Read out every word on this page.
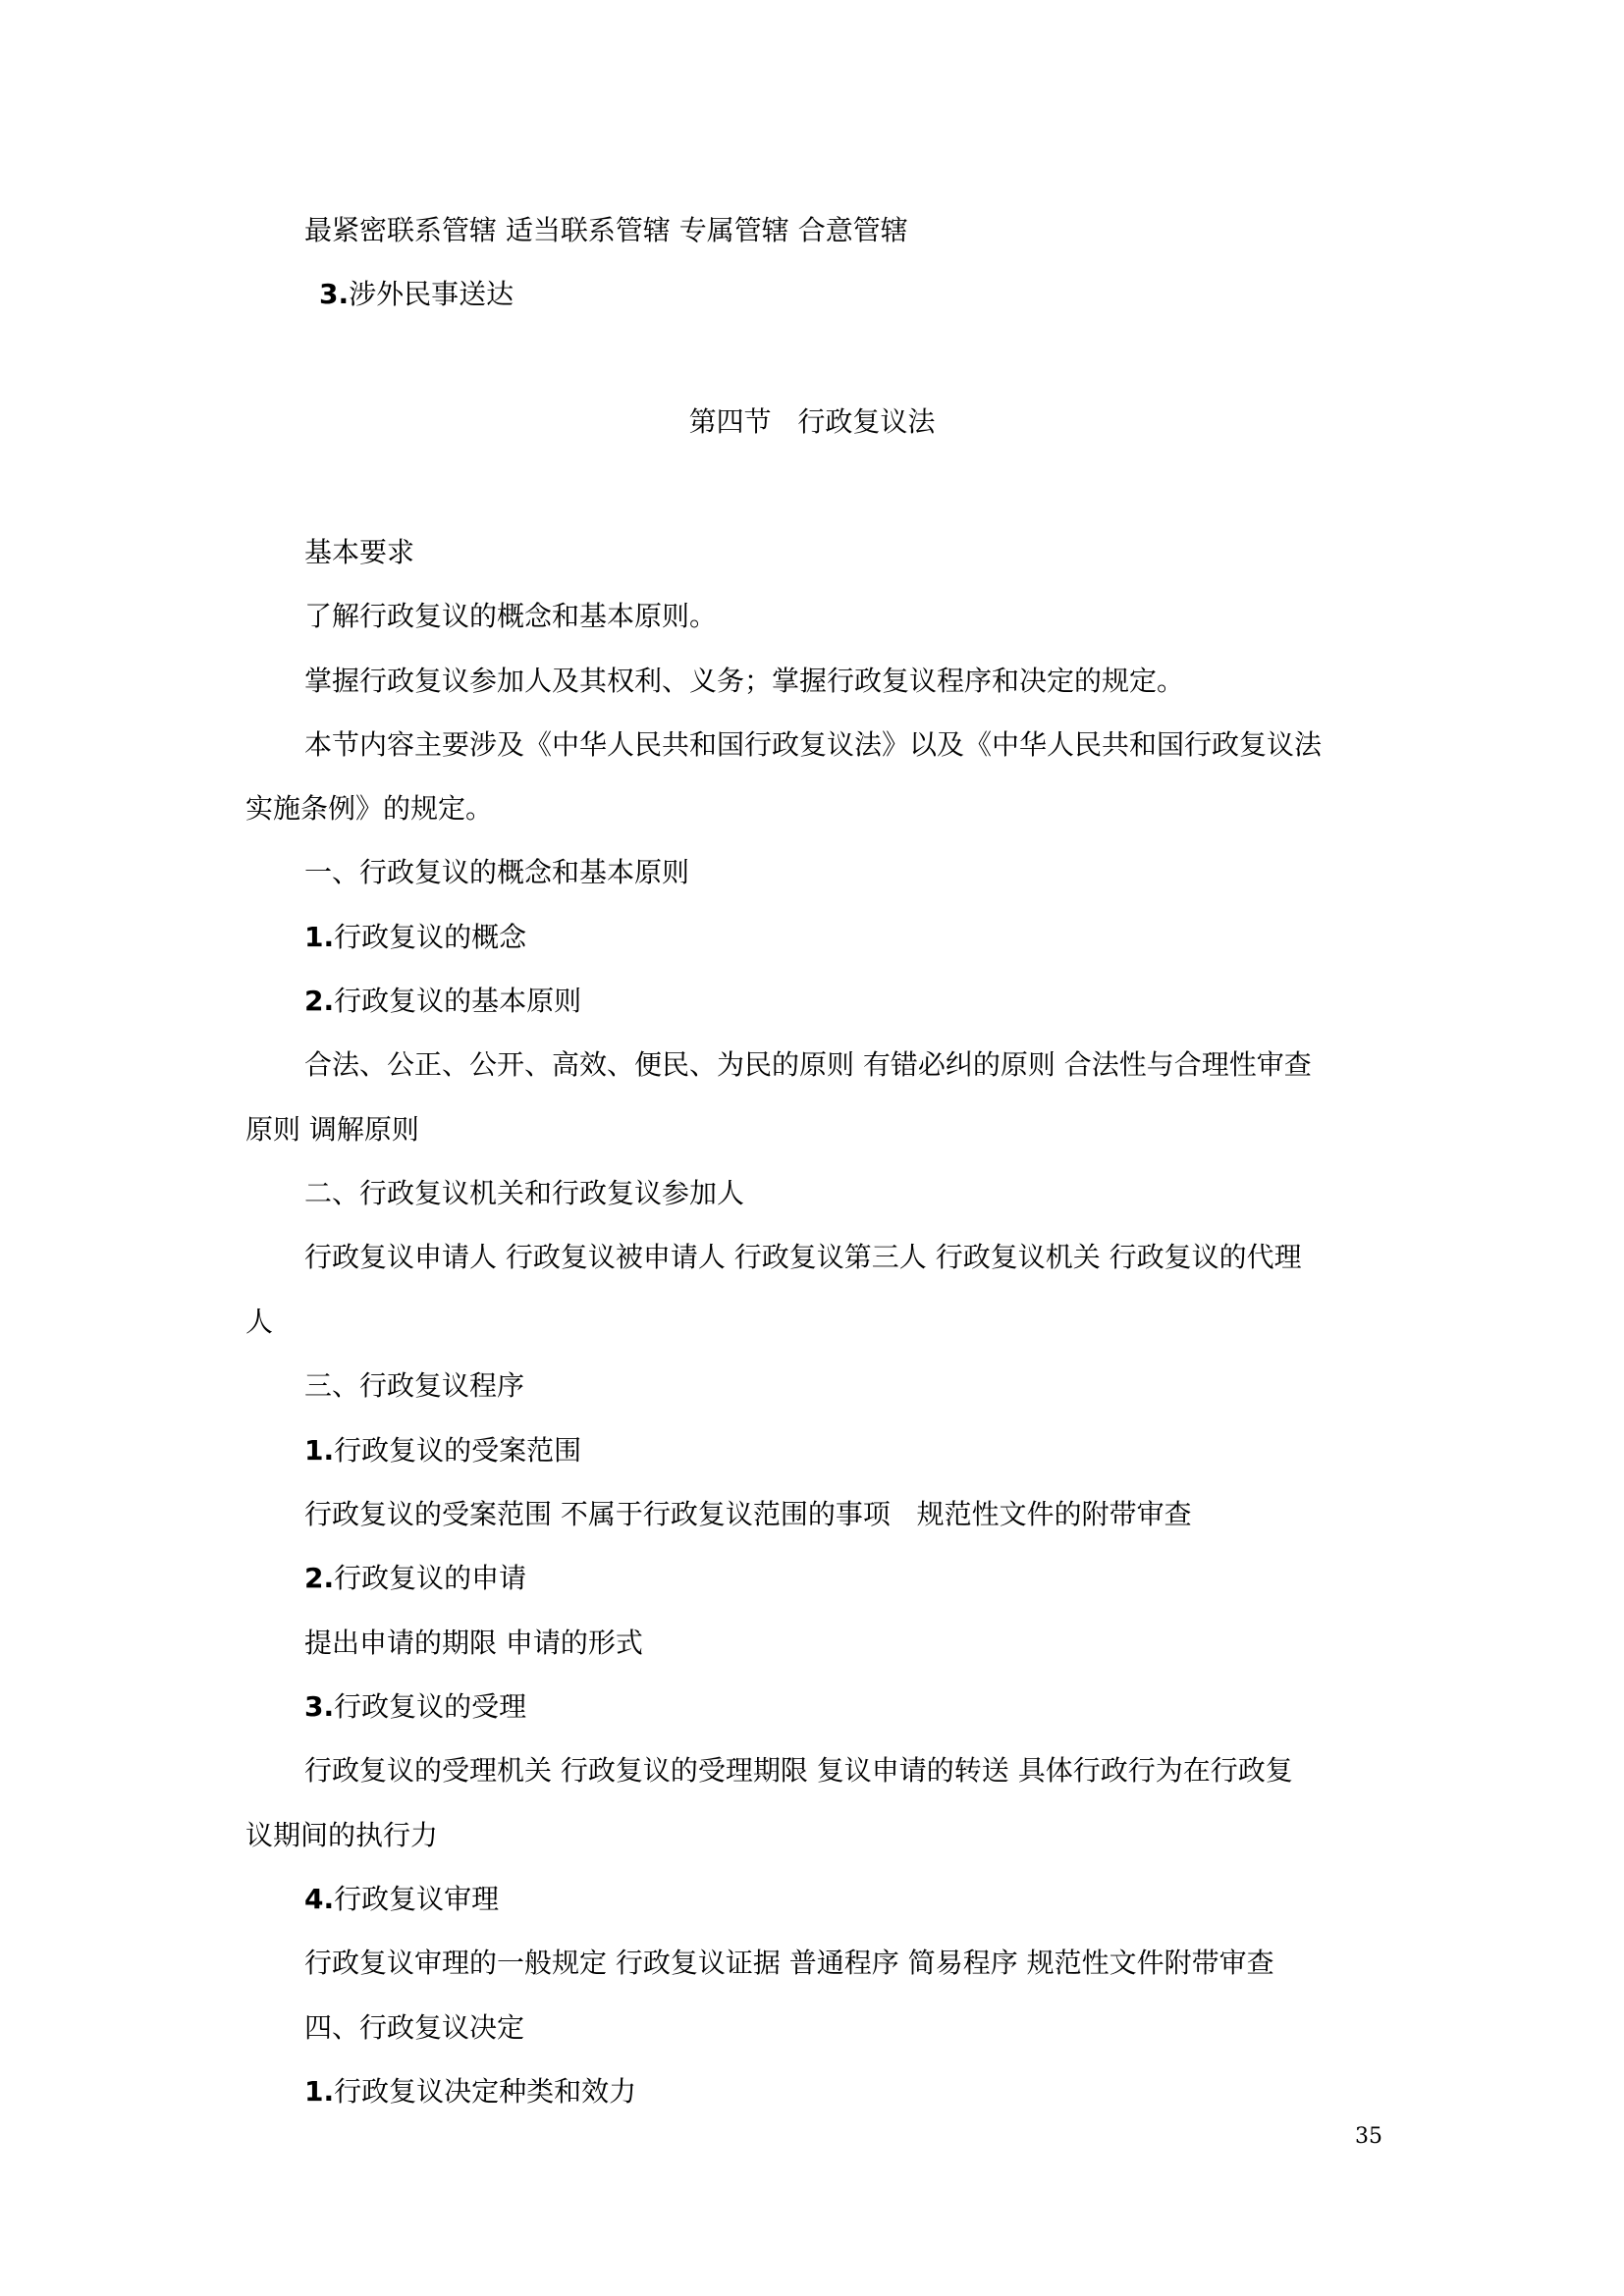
最紧密联系管辖 适当联系管辖 专属管辖 合意管辖
3.涉外民事送达
第四节   行政复议法
基本要求
了解行政复议的概念和基本原则。
掌握行政复议参加人及其权利、义务；掌握行政复议程序和决定的规定。
本节内容主要涉及《中华人民共和国行政复议法》以及《中华人民共和国行政复议法
实施条例》的规定。
一、行政复议的概念和基本原则
1.行政复议的概念
2.行政复议的基本原则
合法、公正、公开、高效、便民、为民的原则 有错必纠的原则 合法性与合理性审查
原则 调解原则
二、行政复议机关和行政复议参加人
行政复议申请人 行政复议被申请人 行政复议第三人 行政复议机关 行政复议的代理
人
三、行政复议程序
1.行政复议的受案范围
行政复议的受案范围 不属于行政复议范围的事项   规范性文件的附带审查
2.行政复议的申请
提出申请的期限 申请的形式
3.行政复议的受理
行政复议的受理机关 行政复议的受理期限 复议申请的转送 具体行政行为在行政复
议期间的执行力
4.行政复议审理
行政复议审理的一般规定 行政复议证据 普通程序 简易程序 规范性文件附带审查
四、行政复议决定
1.行政复议决定种类和效力
35
